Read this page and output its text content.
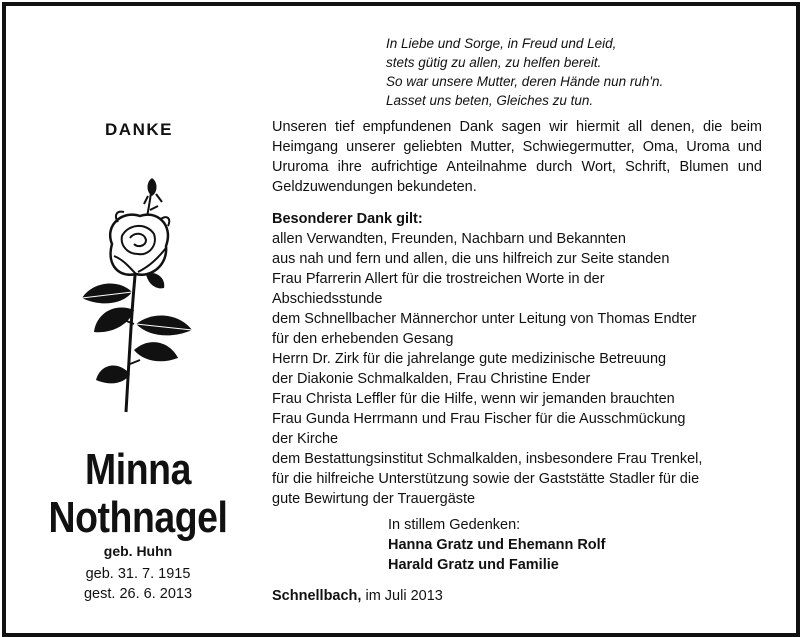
In Liebe und Sorge, in Freud und Leid,
stets gütig zu allen, zu helfen bereit.
So war unsere Mutter, deren Hände nun ruh'n.
Lasset uns beten, Gleiches zu tun.
DANKE
Minna
Nothnagel
geb. Huhn
geb. 31. 7. 1915
gest. 26. 6. 2013

Unseren tief empfundenen Dank sagen wir hiermit all denen, die beim Heimgang unserer geliebten Mutter, Schwiegermutter, Oma, Uroma und Ururoma ihre aufrichtige Anteilnahme durch Wort, Schrift, Blumen und Geldzuwendungen bekundeten.

Besonderer Dank gilt:
allen Verwandten, Freunden, Nachbarn und Bekannten
aus nah und fern und allen, die uns hilfreich zur Seite standen
Frau Pfarrerin Allert für die trostreichen Worte in der
Abschiedsstunde
dem Schnellbacher Männerchor unter Leitung von Thomas Endter
für den erhebenden Gesang
Herrn Dr. Zirk für die jahrelange gute medizinische Betreuung
der Diakonie Schmalkalden, Frau Christine Ender
Frau Christa Leffler für die Hilfe, wenn wir jemanden brauchten
Frau Gunda Herrmann und Frau Fischer für die Ausschmückung
der Kirche
dem Bestattungsinstitut Schmalkalden, insbesondere Frau Trenkel,
für die hilfreiche Unterstützung sowie der Gaststätte Stadler für die
gute Bewirtung der Trauergäste
In stillem Gedenken:
Hanna Gratz und Ehemann Rolf
Harald Gratz und Familie
Schnellbach, im Juli 2013
